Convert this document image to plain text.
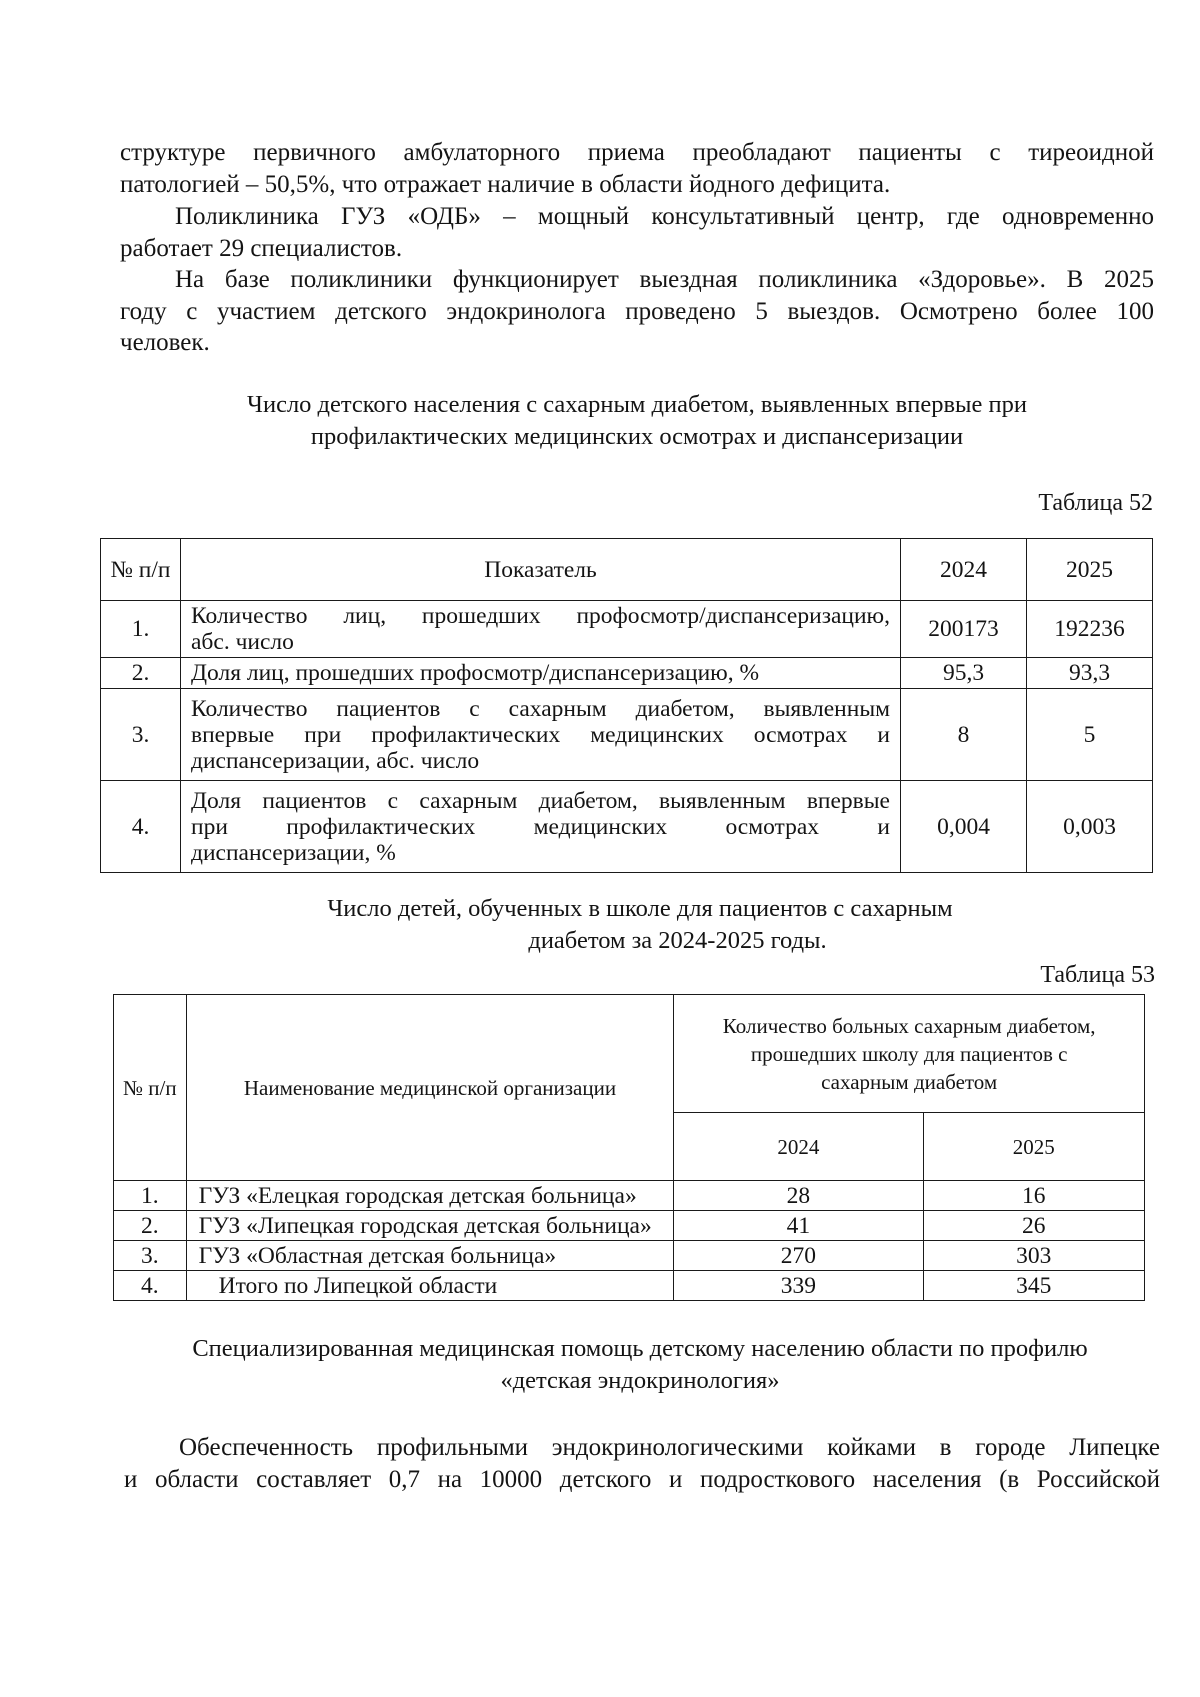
структуре первичного амбулаторного приема преобладают пациенты с тиреоидной
патологией – 50,5%, что отражает наличие в области йодного дефицита.
Поликлиника ГУЗ «ОДБ» – мощный консультативный центр, где одновременно
работает 29 специалистов.
На базе поликлиники функционирует выездная поликлиника «Здоровье». В 2025
году с участием детского эндокринолога проведено 5 выездов. Осмотрено более 100
человек.
Число детского населения с сахарным диабетом, выявленных впервые при
профилактических медицинских осмотрах и диспансеризации
Таблица 52
№ п/п	Показатель	2024	2025
1.	Количество лиц, прошедших профосмотр/диспансеризацию,
абс. число	200173	192236
2.	Доля лиц, прошедших профосмотр/диспансеризацию, %	95,3	93,3
3.	Количество пациентов с сахарным диабетом, выявленным
впервые при профилактических медицинских осмотрах и
диспансеризации, абс. число	8	5
4.	Доля пациентов с сахарным диабетом, выявленным впервые
при профилактических медицинских осмотрах и
диспансеризации, %	0,004	0,003
Число детей, обученных в школе для пациентов с сахарным
диабетом за 2024-2025 годы.
Таблица 53
№ п/п	Наименование медицинской организации	Количество больных сахарным диабетом,
прошедших школу для пациентов с
сахарным диабетом	

		2024	2025
1.	ГУЗ «Елецкая городская детская больница»	28	16
2.	ГУЗ «Липецкая городская детская больница»	41	26
3.	ГУЗ «Областная детская больница»	270	303
4.	Итого по Липецкой области	339	345
Специализированная медицинская помощь детскому населению области по профилю
«детская эндокринология»
Обеспеченность профильными эндокринологическими койками в городе Липецке
и области составляет 0,7 на 10000 детского и подросткового населения (в Российской
